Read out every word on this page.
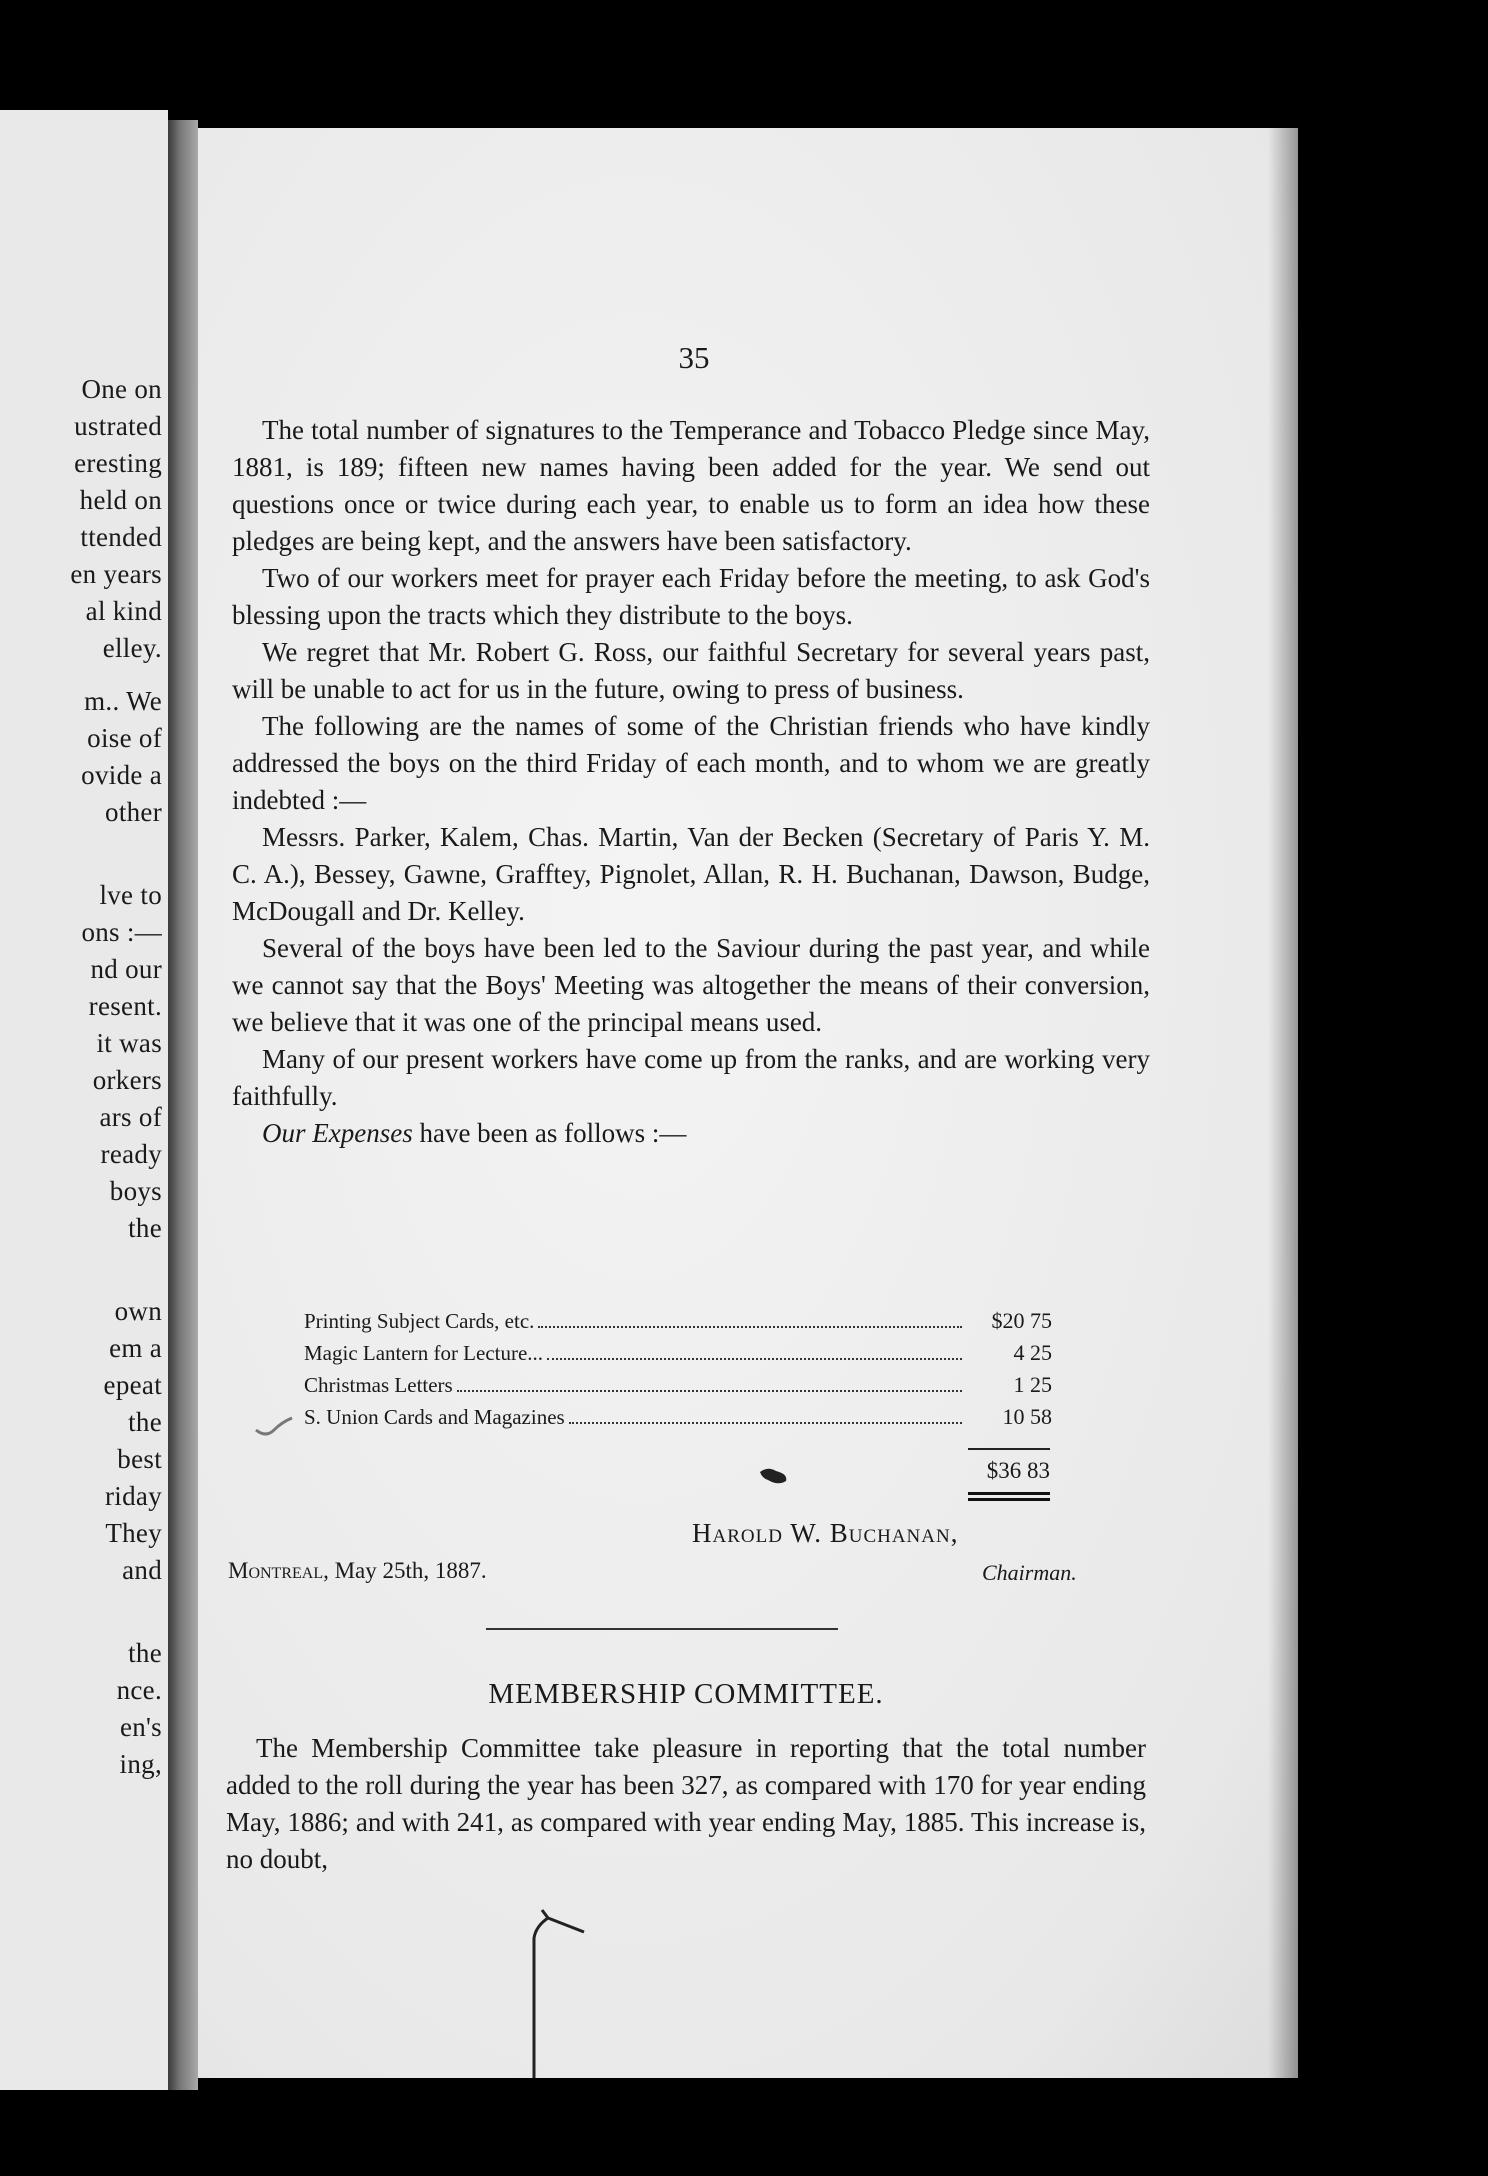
One on
ustrated
eresting
held on
ttended
en years
al kind
elley.
m.. We
oise of
ovide a
other
lve to
ons :—
nd our
resent.
it was
orkers
ars of
ready
boys
the
own
em a
epeat
the
best
riday
They
and
the
nce.
en's
ing,
35

The total number of signatures to the Temperance and Tobacco Pledge since May, 1881, is 189; fifteen new names having been added for the year. We send out questions once or twice during each year, to enable us to form an idea how these pledges are being kept, and the answers have been satisfactory.

Two of our workers meet for prayer each Friday before the meeting, to ask God's blessing upon the tracts which they distribute to the boys.

We regret that Mr. Robert G. Ross, our faithful Secretary for several years past, will be unable to act for us in the future, owing to press of business.

The following are the names of some of the Christian friends who have kindly addressed the boys on the third Friday of each month, and to whom we are greatly indebted :—

Messrs. Parker, Kalem, Chas. Martin, Van der Becken (Secretary of Paris Y. M. C. A.), Bessey, Gawne, Grafftey, Pignolet, Allan, R. H. Buchanan, Dawson, Budge, McDougall and Dr. Kelley.

Several of the boys have been led to the Saviour during the past year, and while we cannot say that the Boys' Meeting was altogether the means of their conversion, we believe that it was one of the principal means used.

Many of our present workers have come up from the ranks, and are working very faithfully.

Our Expenses have been as follows :—

Printing Subject Cards, etc.	$20 75
Magic Lantern for Lecture...	4 25
Christmas Letters	1 25
S. Union Cards and Magazines	10 58
$36 83
Harold W. Buchanan,
Chairman.
Montreal, May 25th, 1887.
MEMBERSHIP COMMITTEE.

The Membership Committee take pleasure in reporting that the total number added to the roll during the year has been 327, as compared with 170 for year ending May, 1886; and with 241, as compared with year ending May, 1885. This increase is, no doubt,
